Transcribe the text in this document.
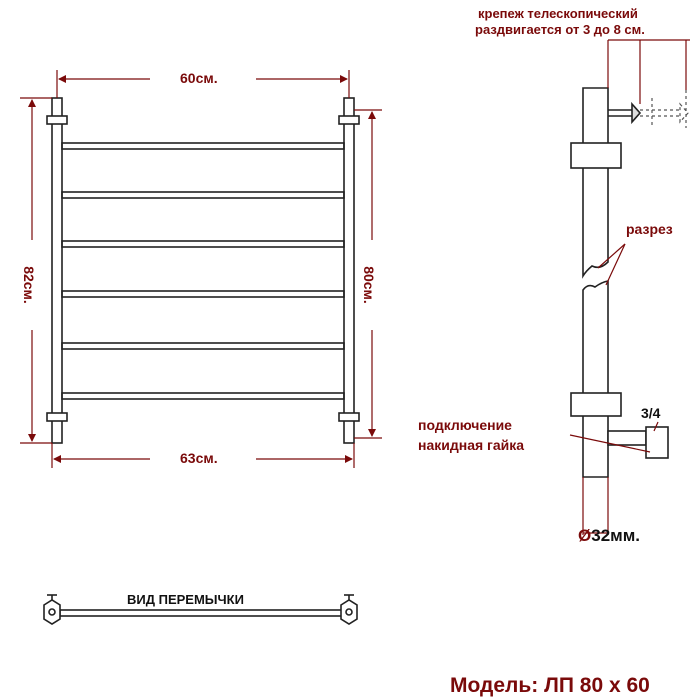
60см.
63см.
82см.	80см.
крепеж телескопический
раздвигается от 3 до 8 см.
разрез
3/4
подключение
накидная гайка
Ø32мм.
ВИД ПЕРЕМЫЧКИ
Модель: ЛП 80 х 60
